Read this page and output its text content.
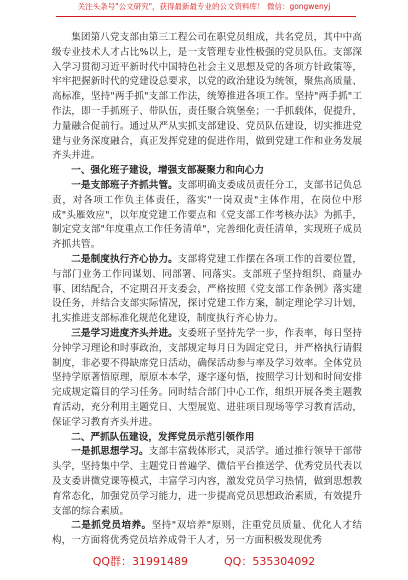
关注头条号"公文研究"，获得最新最专业的公文资料库！ 微信：gongwenyj

集团第八党支部由第三工程公司在职党员组成，共名党员，其中中高级专业技术人才占比%以上，是一支管理专业性极强的党员队伍。支部深入学习贯彻习近平新时代中国特色社会主义思想及党的各项方针政策等，牢牢把握新时代的党建设总要求，以党的政治建设为统领，聚焦高质量、高标准，坚持"两手抓"支部工作法，统筹推进各项工作。坚持"两手抓"工作法，即一手抓班子、带队伍，责任聚合筑堡垒；一手抓载体，促提升，力量融合促前行。通过从严从实抓支部建设、党员队伍建设，切实推进党建与业务深度融合，真正发挥党建的促进作用，做到党建工作和业务发展齐头并进。

一、强化班子建设，增强支部凝聚力和向心力

一是支部班子齐抓共管。支部明确支委成员责任分工，支部书记负总责，对各项工作负主体责任，落实"一岗双责"主体作用，在岗位中形成"头雁效应"，以年度党建工作要点和《党支部工作考核办法》为抓手，制定党支部"年度重点工作任务清单"，完善细化责任清单，实现班子成员齐抓共管。

二是制度执行齐心协力。支部将党建工作摆在各项工作的首要位置，与部门业务工作同谋划、同部署、同落实。支部班子坚持组织、商量办事、团结配合，不定期召开支委会，严格按照《党支部工作条例》落实建设任务，并结合支部实际情况，探讨党建工作方案，制定理论学习计划，扎实推进支部标准化规范化建设，制度执行齐心协力。

三是学习进度齐头并进。支委班子坚持先学一步，作表率，每日坚持分钟学习理论和时事政治，支部规定每月日为固定党日，并严格执行请假制度，非必要不得缺席党日活动，确保活动参与率及学习效率。全体党员坚持学原著悟原理，原原本本学，逐字逐句悟，按照学习计划和时间安排完成规定篇目的学习任务。同时结合部门中心工作，组织开展各类主题教育活动，充分利用主题党日、大型展览、进驻项目现场等学习教育活动，保证学习教育齐头并进。

二、严抓队伍建设，发挥党员示范引领作用

一是抓思想学习。支部丰富载体形式，灵活学。通过推行领导干部带头学，坚持集中学、主题党日普遍学、微信平台推送学、优秀党员代表以及支委讲微党课等模式，丰富学习内容，激发党员学习热情，做到思想教育常态化，加强党员学习能力，进一步提高党员思想政治素质，有效提升支部的综合素质。

二是抓党员培养。坚持"双培养"原则，注重党员质量、优化人才结构，一方面将优秀党员培养成骨干人才，另一方面积极发现优秀

QQ群：31991489	QQ：535304092
